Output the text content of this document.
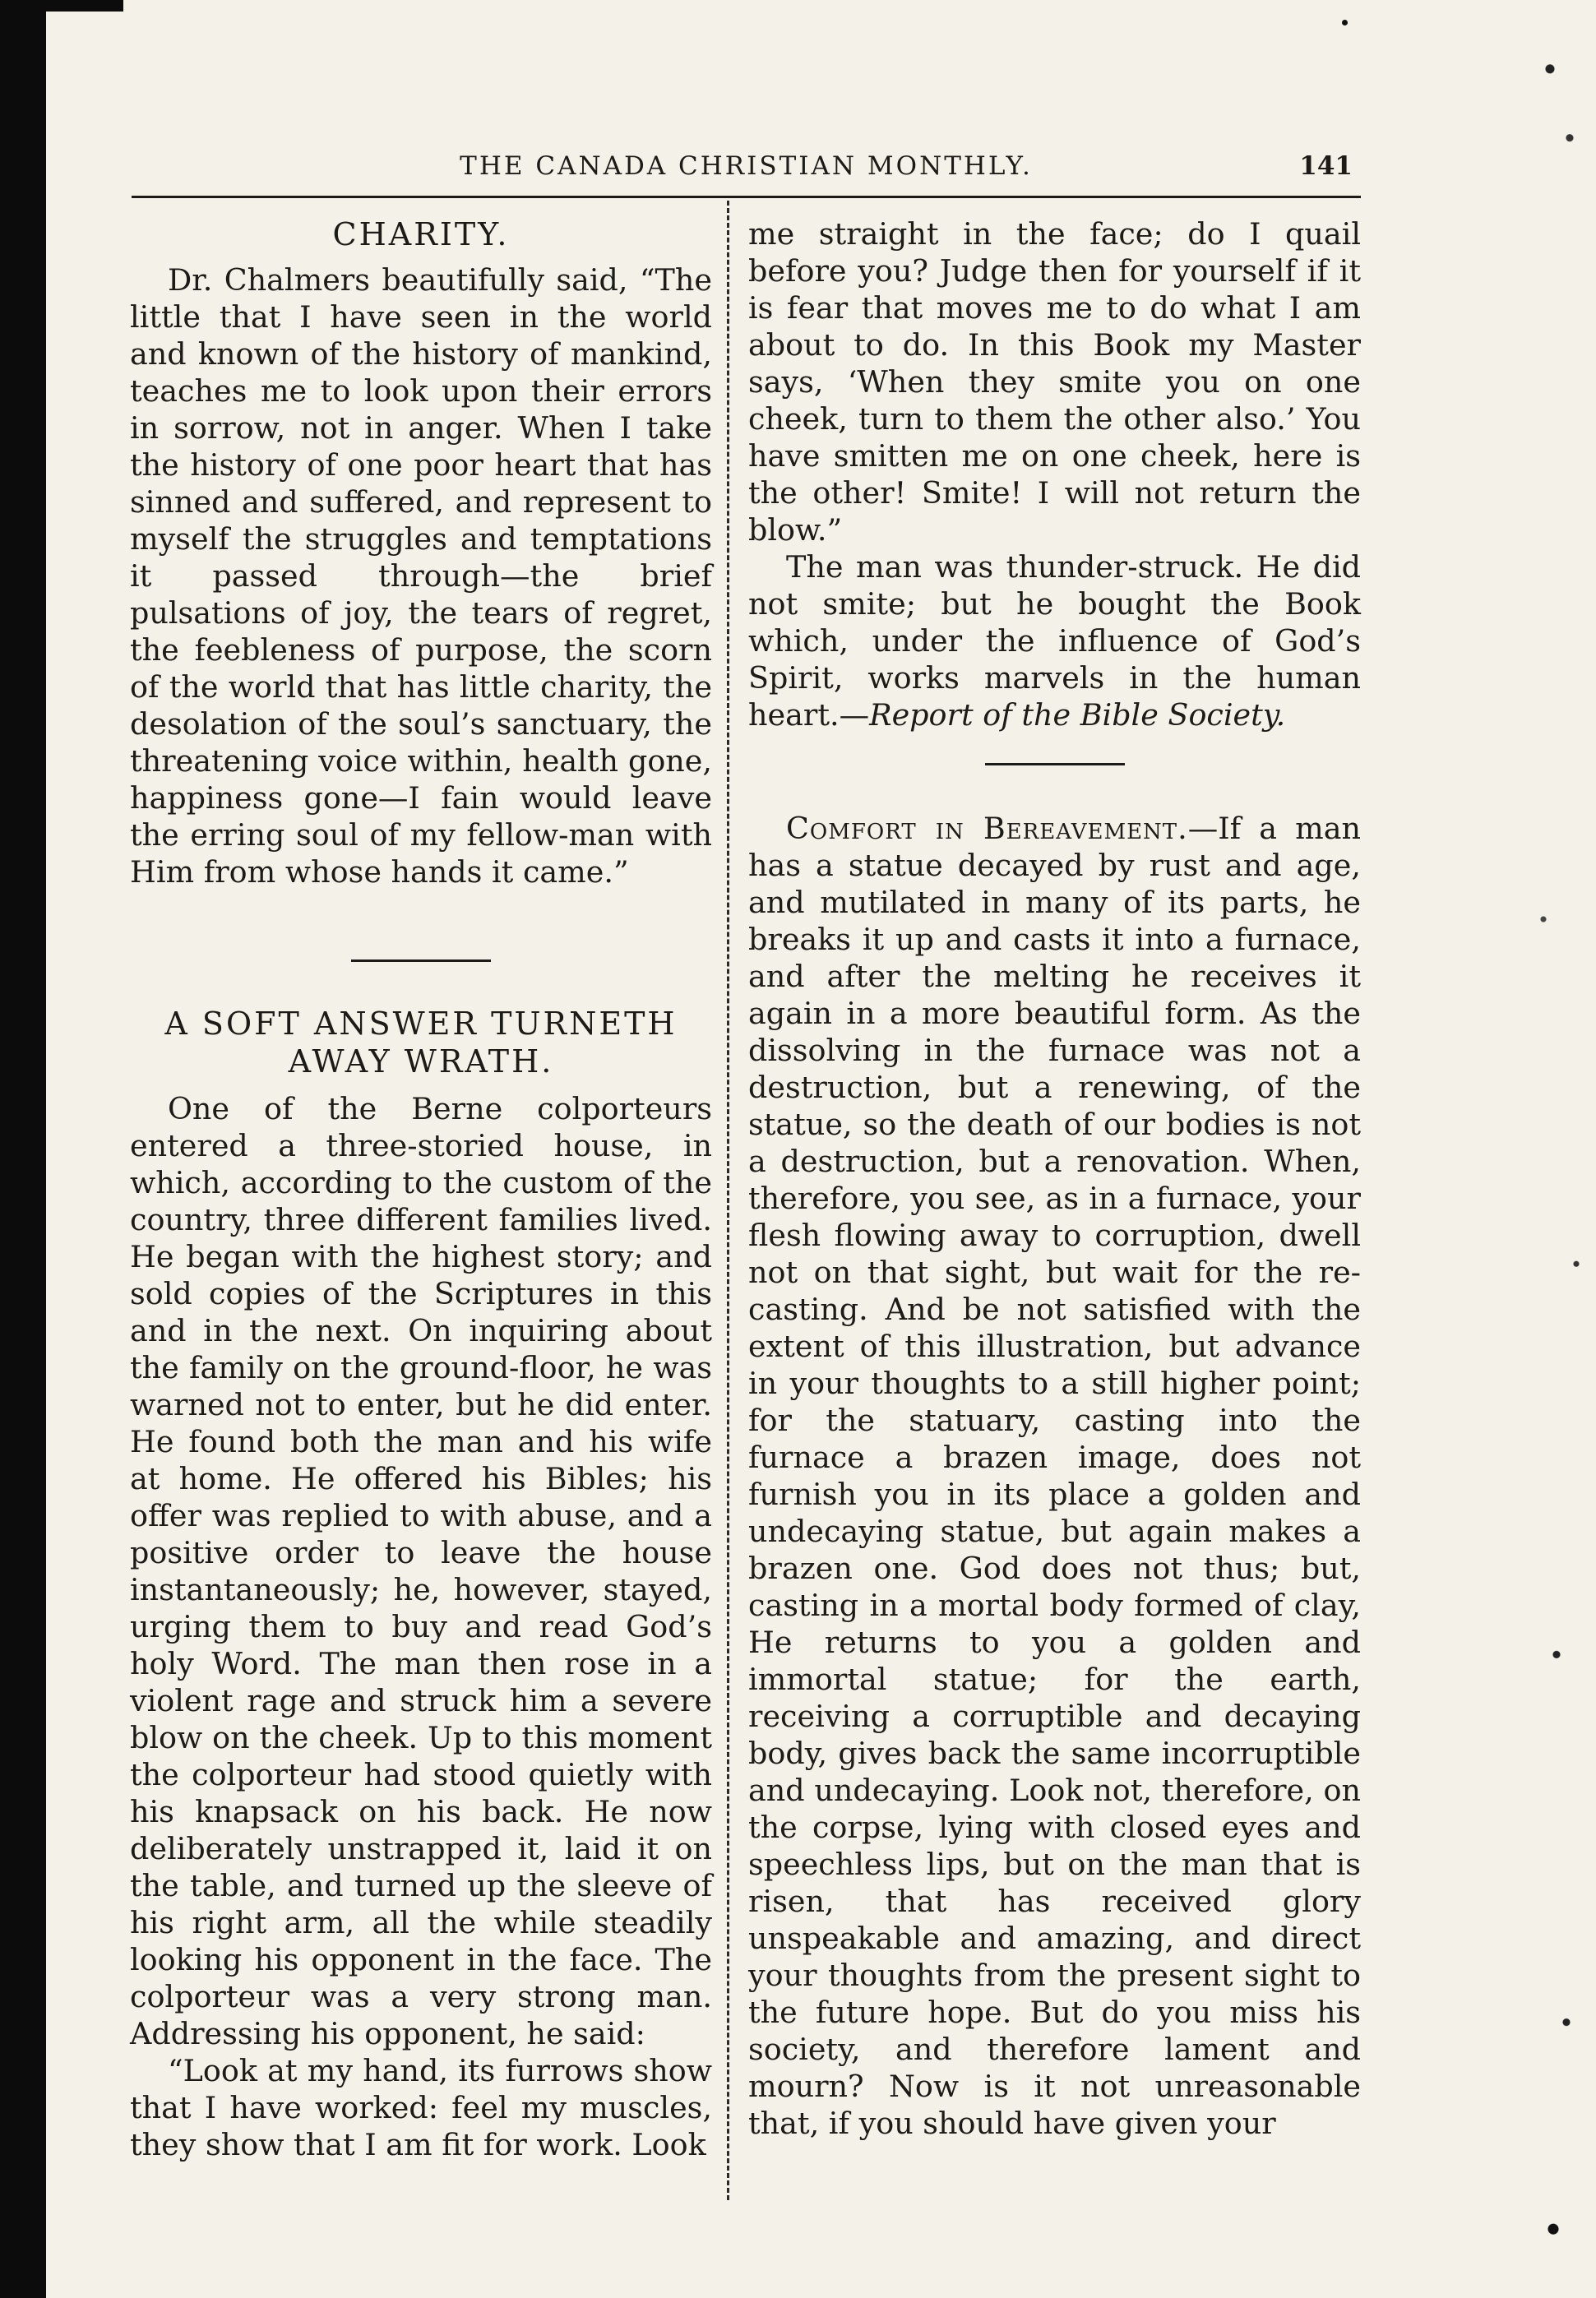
THE CANADA CHRISTIAN MONTHLY.	141
CHARITY.

Dr. Chalmers beautifully said, “The little that I have seen in the world and known of the history of mankind, teaches me to look upon their errors in sorrow, not in anger. When I take the history of one poor heart that has sinned and suffered, and represent to myself the struggles and temptations it passed through—the brief pulsations of joy, the tears of regret, the feebleness of purpose, the scorn of the world that has little charity, the desolation of the soul’s sanctuary, the threatening voice within, health gone, happiness gone—I fain would leave the erring soul of my fellow-man with Him from whose hands it came.”

A SOFT ANSWER TURNETH
AWAY WRATH.

One of the Berne colporteurs entered a three-storied house, in which, according to the custom of the country, three different families lived. He began with the highest story; and sold copies of the Scriptures in this and in the next. On inquiring about the family on the ground-floor, he was warned not to enter, but he did enter. He found both the man and his wife at home. He offered his Bibles; his offer was replied to with abuse, and a positive order to leave the house instantaneously; he, however, stayed, urging them to buy and read God’s holy Word. The man then rose in a violent rage and struck him a severe blow on the cheek. Up to this moment the colporteur had stood quietly with his knapsack on his back. He now deliberately unstrapped it, laid it on the table, and turned up the sleeve of his right arm, all the while steadily looking his opponent in the face. The colporteur was a very strong man. Addressing his opponent, he said:

“Look at my hand, its furrows show that I have worked: feel my muscles, they show that I am fit for work. Look

me straight in the face; do I quail before you? Judge then for yourself if it is fear that moves me to do what I am about to do. In this Book my Master says, ‘When they smite you on one cheek, turn to them the other also.’ You have smitten me on one cheek, here is the other! Smite! I will not return the blow.”

The man was thunder-struck. He did not smite; but he bought the Book which, under the influence of God’s Spirit, works marvels in the human heart.—Report of the Bible Society.

Comfort in Bereavement.—If a man has a statue decayed by rust and age, and mutilated in many of its parts, he breaks it up and casts it into a furnace, and after the melting he receives it again in a more beautiful form. As the dissolving in the furnace was not a destruction, but a renewing, of the statue, so the death of our bodies is not a destruction, but a renovation. When, therefore, you see, as in a furnace, your flesh flowing away to corruption, dwell not on that sight, but wait for the re-casting. And be not satisfied with the extent of this illustration, but advance in your thoughts to a still higher point; for the statuary, casting into the furnace a brazen image, does not furnish you in its place a golden and undecaying statue, but again makes a brazen one. God does not thus; but, casting in a mortal body formed of clay, He returns to you a golden and immortal statue; for the earth, receiving a corruptible and decaying body, gives back the same incorruptible and undecaying. Look not, therefore, on the corpse, lying with closed eyes and speechless lips, but on the man that is risen, that has received glory unspeakable and amazing, and direct your thoughts from the present sight to the future hope. But do you miss his society, and therefore lament and mourn? Now is it not unreasonable that, if you should have given your
